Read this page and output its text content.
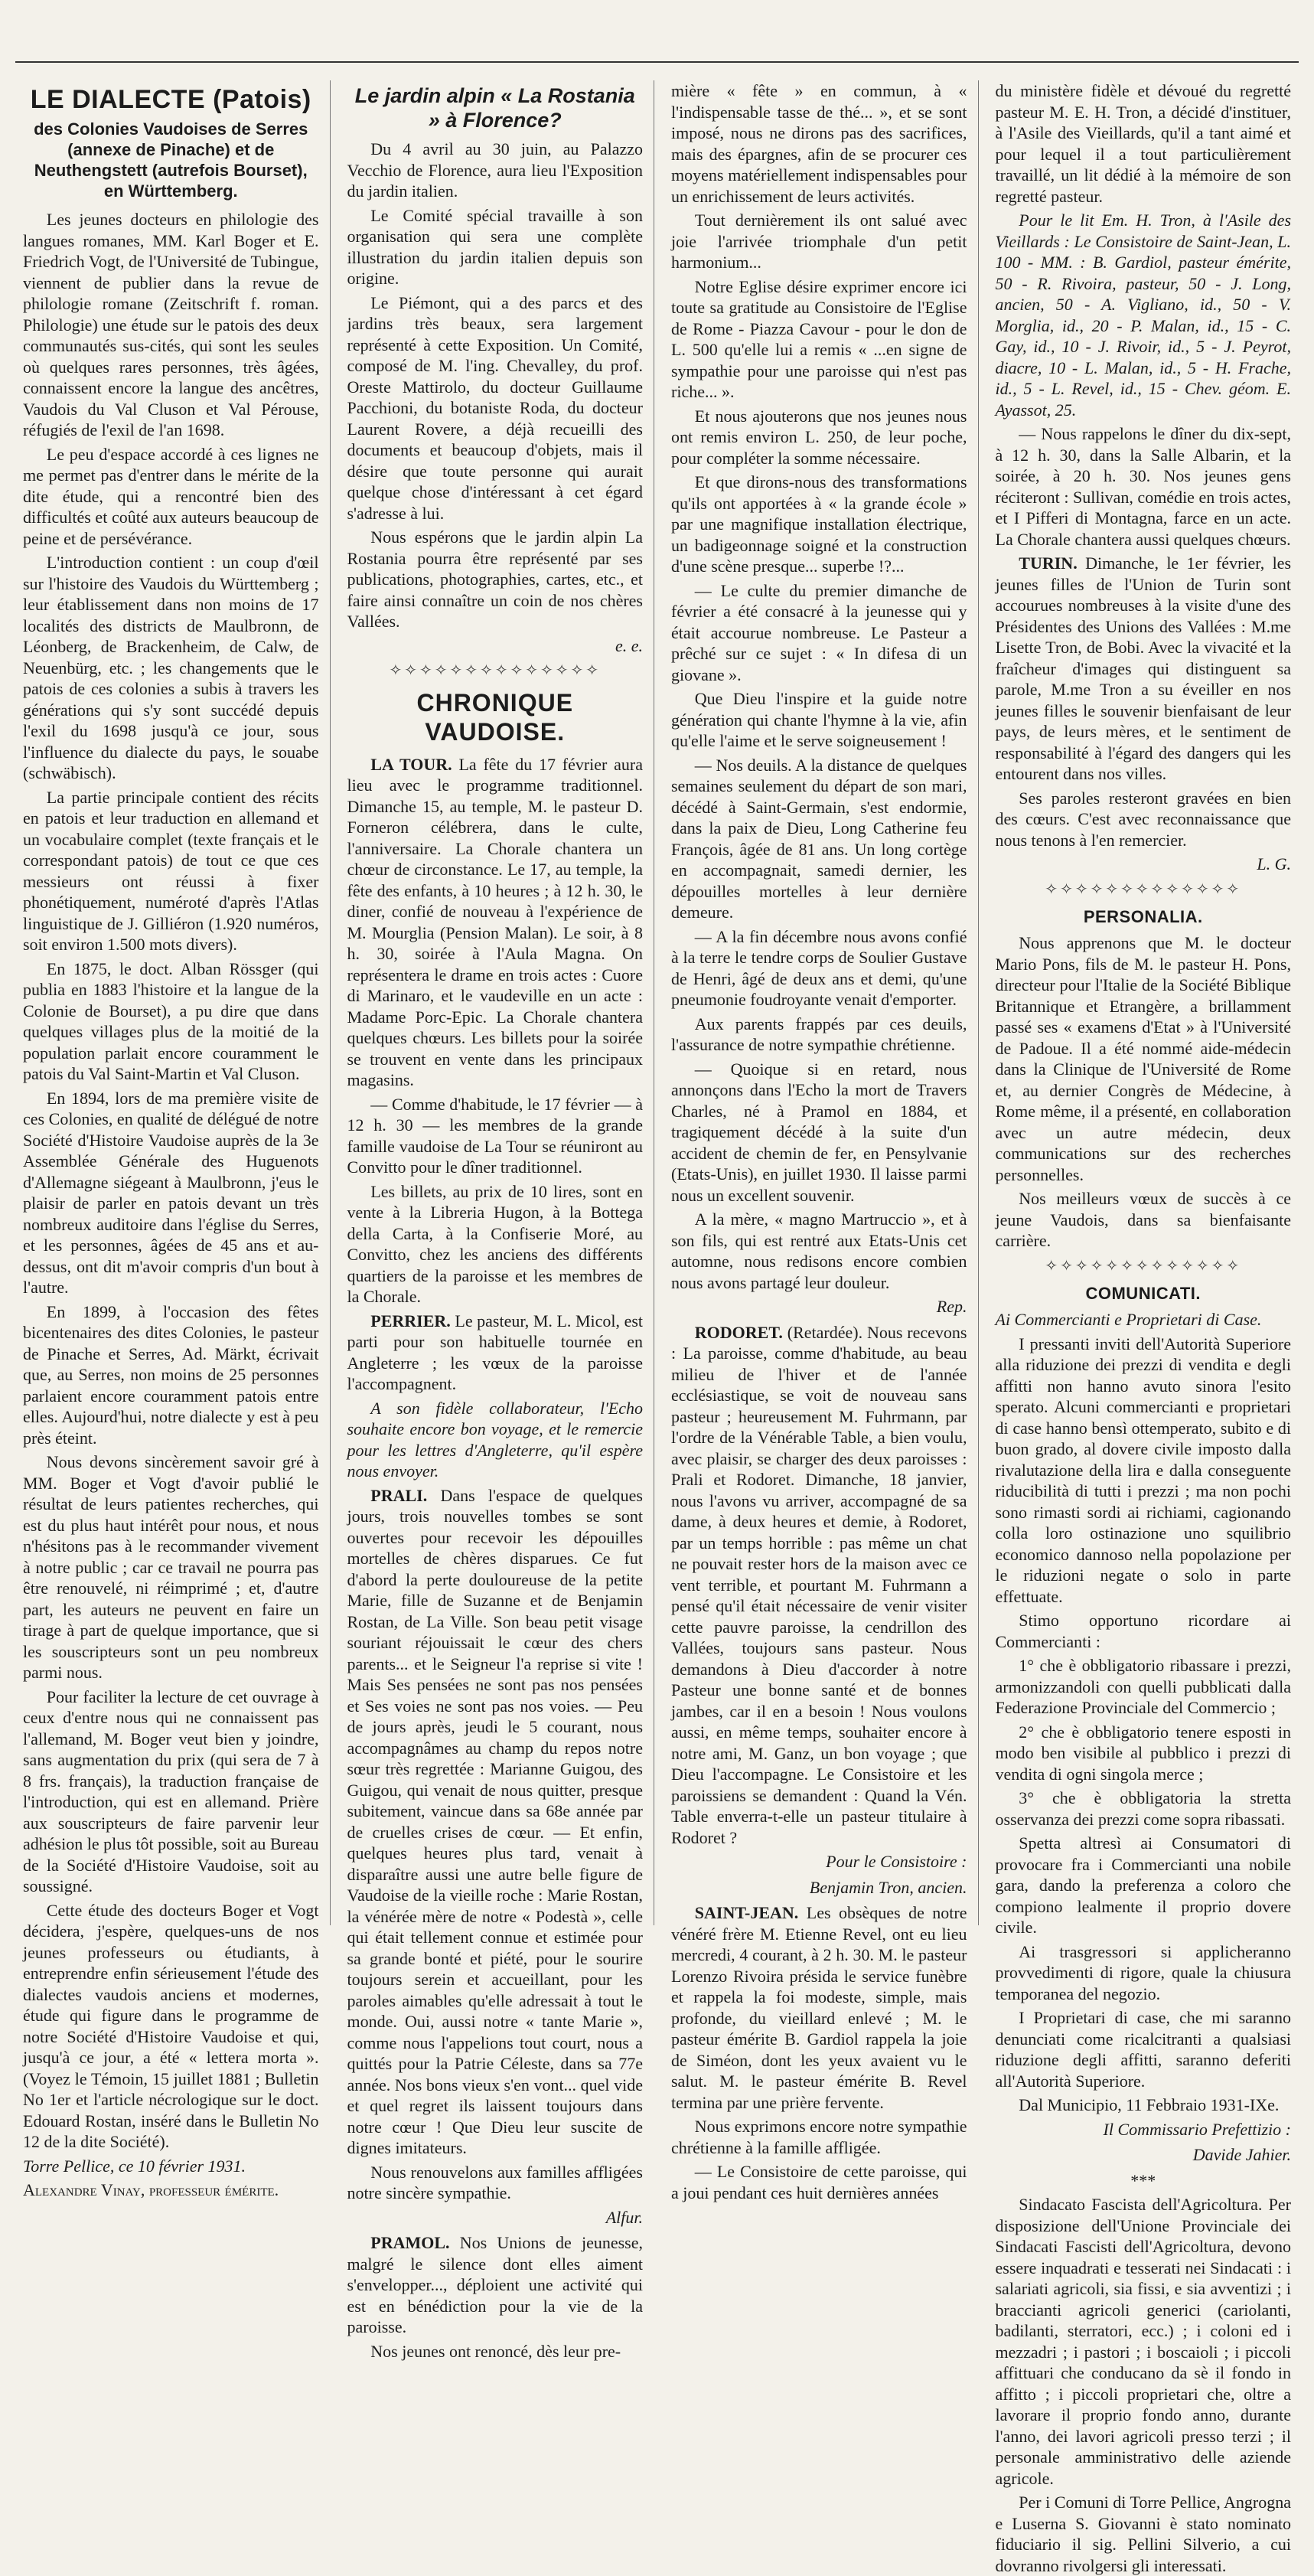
LE DIALECTE (Patois)
des Colonies Vaudoises de Serres (annexe de Pinache) et de Neuthengstett (autrefois Bourset), en Württemberg.

Les jeunes docteurs en philologie des langues romanes, MM. Karl Boger et E. Friedrich Vogt, de l'Université de Tubingue, viennent de publier dans la revue de philologie romane (Zeitschrift f. roman. Philologie) une étude sur le patois des deux communautés sus-cités, qui sont les seules où quelques rares personnes, très âgées, connaissent encore la langue des ancêtres, Vaudois du Val Cluson et Val Pérouse, réfugiés de l'exil de l'an 1698.

Le peu d'espace accordé à ces lignes ne me permet pas d'entrer dans le mérite de la dite étude, qui a rencontré bien des difficultés et coûté aux auteurs beaucoup de peine et de persévérance.

L'introduction contient : un coup d'œil sur l'histoire des Vaudois du Württemberg ; leur établissement dans non moins de 17 localités des districts de Maulbronn, de Léonberg, de Brackenheim, de Calw, de Neuenbürg, etc. ; les changements que le patois de ces colonies a subis à travers les générations qui s'y sont succédé depuis l'exil du 1698 jusqu'à ce jour, sous l'influence du dialecte du pays, le souabe (schwäbisch).

La partie principale contient des récits en patois et leur traduction en allemand et un vocabulaire complet (texte français et le correspondant patois) de tout ce que ces messieurs ont réussi à fixer phonétiquement, numéroté d'après l'Atlas linguistique de J. Gilliéron (1.920 numéros, soit environ 1.500 mots divers).

En 1875, le doct. Alban Rössger (qui publia en 1883 l'histoire et la langue de la Colonie de Bourset), a pu dire que dans quelques villages plus de la moitié de la population parlait encore couramment le patois du Val Saint-Martin et Val Cluson.

En 1894, lors de ma première visite de ces Colonies, en qualité de délégué de notre Société d'Histoire Vaudoise auprès de la 3e Assemblée Générale des Huguenots d'Allemagne siégeant à Maulbronn, j'eus le plaisir de parler en patois devant un très nombreux auditoire dans l'église du Serres, et les personnes, âgées de 45 ans et au-dessus, ont dit m'avoir compris d'un bout à l'autre.

En 1899, à l'occasion des fêtes bicentenaires des dites Colonies, le pasteur de Pinache et Serres, Ad. Märkt, écrivait que, au Serres, non moins de 25 personnes parlaient encore couramment patois entre elles. Aujourd'hui, notre dialecte y est à peu près éteint.

Nous devons sincèrement savoir gré à MM. Boger et Vogt d'avoir publié le résultat de leurs patientes recherches, qui est du plus haut intérêt pour nous, et nous n'hésitons pas à le recommander vivement à notre public ; car ce travail ne pourra pas être renouvelé, ni réimprimé ; et, d'autre part, les auteurs ne peuvent en faire un tirage à part de quelque importance, que si les souscripteurs sont un peu nombreux parmi nous.

Pour faciliter la lecture de cet ouvrage à ceux d'entre nous qui ne connaissent pas l'allemand, M. Boger veut bien y joindre, sans augmentation du prix (qui sera de 7 à 8 frs. français), la traduction française de l'introduction, qui est en allemand. Prière aux souscripteurs de faire parvenir leur adhésion le plus tôt possible, soit au Bureau de la Société d'Histoire Vaudoise, soit au soussigné.

Cette étude des docteurs Boger et Vogt décidera, j'espère, quelques-uns de nos jeunes professeurs ou étudiants, à entreprendre enfin sérieusement l'étude des dialectes vaudois anciens et modernes, étude qui figure dans le programme de notre Société d'Histoire Vaudoise et qui, jusqu'à ce jour, a été « lettera morta ». (Voyez le Témoin, 15 juillet 1881 ; Bulletin No 1er et l'article nécrologique sur le doct. Edouard Rostan, inséré dans le Bulletin No 12 de la dite Société).

Torre Pellice, ce 10 février 1931.

Alexandre Vinay, professeur émérite.

Le jardin alpin « La Rostania » à Florence?

Du 4 avril au 30 juin, au Palazzo Vecchio de Florence, aura lieu l'Exposition du jardin italien.

Le Comité spécial travaille à son organisation qui sera une complète illustration du jardin italien depuis son origine.

Le Piémont, qui a des parcs et des jardins très beaux, sera largement représenté à cette Exposition. Un Comité, composé de M. l'ing. Chevalley, du prof. Oreste Mattirolo, du docteur Guillaume Pacchioni, du botaniste Roda, du docteur Laurent Rovere, a déjà recueilli des documents et beaucoup d'objets, mais il désire que toute personne qui aurait quelque chose d'intéressant à cet égard s'adresse à lui.

Nous espérons que le jardin alpin La Rostania pourra être représenté par ses publications, photographies, cartes, etc., et faire ainsi connaître un coin de nos chères Vallées.

e. e.

✧✧✧✧✧✧✧✧✧✧✧✧✧✧
CHRONIQUE VAUDOISE.

LA TOUR. La fête du 17 février aura lieu avec le programme traditionnel. Dimanche 15, au temple, M. le pasteur D. Forneron célébrera, dans le culte, l'anniversaire. La Chorale chantera un chœur de circonstance. Le 17, au temple, la fête des enfants, à 10 heures ; à 12 h. 30, le diner, confié de nouveau à l'expérience de M. Mourglia (Pension Malan). Le soir, à 8 h. 30, soirée à l'Aula Magna. On représentera le drame en trois actes : Cuore di Marinaro, et le vaudeville en un acte : Madame Porc-Epic. La Chorale chantera quelques chœurs. Les billets pour la soirée se trouvent en vente dans les principaux magasins.

— Comme d'habitude, le 17 février — à 12 h. 30 — les membres de la grande famille vaudoise de La Tour se réuniront au Convitto pour le dîner traditionnel.

Les billets, au prix de 10 lires, sont en vente à la Libreria Hugon, à la Bottega della Carta, à la Confiserie Moré, au Convitto, chez les anciens des différents quartiers de la paroisse et les membres de la Chorale.

PERRIER. Le pasteur, M. L. Micol, est parti pour son habituelle tournée en Angleterre ; les vœux de la paroisse l'accompagnent.

A son fidèle collaborateur, l'Echo souhaite encore bon voyage, et le remercie pour les lettres d'Angleterre, qu'il espère nous envoyer.

PRALI. Dans l'espace de quelques jours, trois nouvelles tombes se sont ouvertes pour recevoir les dépouilles mortelles de chères disparues. Ce fut d'abord la perte douloureuse de la petite Marie, fille de Suzanne et de Benjamin Rostan, de La Ville. Son beau petit visage souriant réjouissait le cœur des chers parents... et le Seigneur l'a reprise si vite ! Mais Ses pensées ne sont pas nos pensées et Ses voies ne sont pas nos voies. — Peu de jours après, jeudi le 5 courant, nous accompagnâmes au champ du repos notre sœur très regrettée : Marianne Guigou, des Guigou, qui venait de nous quitter, presque subitement, vaincue dans sa 68e année par de cruelles crises de cœur. — Et enfin, quelques heures plus tard, venait à disparaître aussi une autre belle figure de Vaudoise de la vieille roche : Marie Rostan, la vénérée mère de notre « Podestà », celle qui était tellement connue et estimée pour sa grande bonté et piété, pour le sourire toujours serein et accueillant, pour les paroles aimables qu'elle adressait à tout le monde. Oui, aussi notre « tante Marie », comme nous l'appelions tout court, nous a quittés pour la Patrie Céleste, dans sa 77e année. Nos bons vieux s'en vont... quel vide et quel regret ils laissent toujours dans notre cœur ! Que Dieu leur suscite de dignes imitateurs.

Nous renouvelons aux familles affligées notre sincère sympathie.

Alfur.

PRAMOL. Nos Unions de jeunesse, malgré le silence dont elles aiment s'envelopper..., déploient une activité qui est en bénédiction pour la vie de la paroisse.

Nos jeunes ont renoncé, dès leur pre-

mière « fête » en commun, à « l'indispensable tasse de thé... », et se sont imposé, nous ne dirons pas des sacrifices, mais des épargnes, afin de se procurer ces moyens matériellement indispensables pour un enrichissement de leurs activités.

Tout dernièrement ils ont salué avec joie l'arrivée triomphale d'un petit harmonium...

Notre Eglise désire exprimer encore ici toute sa gratitude au Consistoire de l'Eglise de Rome - Piazza Cavour - pour le don de L. 500 qu'elle lui a remis « ...en signe de sympathie pour une paroisse qui n'est pas riche... ».

Et nous ajouterons que nos jeunes nous ont remis environ L. 250, de leur poche, pour compléter la somme nécessaire.

Et que dirons-nous des transformations qu'ils ont apportées à « la grande école » par une magnifique installation électrique, un badigeonnage soigné et la construction d'une scène presque... superbe !?...

— Le culte du premier dimanche de février a été consacré à la jeunesse qui y était accourue nombreuse. Le Pasteur a prêché sur ce sujet : « In difesa di un giovane ».

Que Dieu l'inspire et la guide notre génération qui chante l'hymne à la vie, afin qu'elle l'aime et le serve soigneusement !

— Nos deuils. A la distance de quelques semaines seulement du départ de son mari, décédé à Saint-Germain, s'est endormie, dans la paix de Dieu, Long Catherine feu François, âgée de 81 ans. Un long cortège en accompagnait, samedi dernier, les dépouilles mortelles à leur dernière demeure.

— A la fin décembre nous avons confié à la terre le tendre corps de Soulier Gustave de Henri, âgé de deux ans et demi, qu'une pneumonie foudroyante venait d'emporter.

Aux parents frappés par ces deuils, l'assurance de notre sympathie chrétienne.

— Quoique si en retard, nous annonçons dans l'Echo la mort de Travers Charles, né à Pramol en 1884, et tragiquement décédé à la suite d'un accident de chemin de fer, en Pensylvanie (Etats-Unis), en juillet 1930. Il laisse parmi nous un excellent souvenir.

A la mère, « magno Martruccio », et à son fils, qui est rentré aux Etats-Unis cet automne, nous redisons encore combien nous avons partagé leur douleur.

Rep.

RODORET. (Retardée). Nous recevons : La paroisse, comme d'habitude, au beau milieu de l'hiver et de l'année ecclésiastique, se voit de nouveau sans pasteur ; heureusement M. Fuhrmann, par l'ordre de la Vénérable Table, a bien voulu, avec plaisir, se charger des deux paroisses : Prali et Rodoret. Dimanche, 18 janvier, nous l'avons vu arriver, accompagné de sa dame, à deux heures et demie, à Rodoret, par un temps horrible : pas même un chat ne pouvait rester hors de la maison avec ce vent terrible, et pourtant M. Fuhrmann a pensé qu'il était nécessaire de venir visiter cette pauvre paroisse, la cendrillon des Vallées, toujours sans pasteur. Nous demandons à Dieu d'accorder à notre Pasteur une bonne santé et de bonnes jambes, car il en a besoin ! Nous voulons aussi, en même temps, souhaiter encore à notre ami, M. Ganz, un bon voyage ; que Dieu l'accompagne. Le Consistoire et les paroissiens se demandent : Quand la Vén. Table enverra-t-elle un pasteur titulaire à Rodoret ?

Pour le Consistoire :

Benjamin Tron, ancien.

SAINT-JEAN. Les obsèques de notre vénéré frère M. Etienne Revel, ont eu lieu mercredi, 4 courant, à 2 h. 30. M. le pasteur Lorenzo Rivoira présida le service funèbre et rappela la foi modeste, simple, mais profonde, du vieillard enlevé ; M. le pasteur émérite B. Gardiol rappela la joie de Siméon, dont les yeux avaient vu le salut. M. le pasteur émérite B. Revel termina par une prière fervente.

Nous exprimons encore notre sympathie chrétienne à la famille affligée.

— Le Consistoire de cette paroisse, qui a joui pendant ces huit dernières années

du ministère fidèle et dévoué du regretté pasteur M. E. H. Tron, a décidé d'instituer, à l'Asile des Vieillards, qu'il a tant aimé et pour lequel il a tout particulièrement travaillé, un lit dédié à la mémoire de son regretté pasteur.

Pour le lit Em. H. Tron, à l'Asile des Vieillards : Le Consistoire de Saint-Jean, L. 100 - MM. : B. Gardiol, pasteur émérite, 50 - R. Rivoira, pasteur, 50 - J. Long, ancien, 50 - A. Vigliano, id., 50 - V. Morglia, id., 20 - P. Malan, id., 15 - C. Gay, id., 10 - J. Rivoir, id., 5 - J. Peyrot, diacre, 10 - L. Malan, id., 5 - H. Frache, id., 5 - L. Revel, id., 15 - Chev. géom. E. Ayassot, 25.

— Nous rappelons le dîner du dix-sept, à 12 h. 30, dans la Salle Albarin, et la soirée, à 20 h. 30. Nos jeunes gens réciteront : Sullivan, comédie en trois actes, et I Pifferi di Montagna, farce en un acte. La Chorale chantera aussi quelques chœurs.

TURIN. Dimanche, le 1er février, les jeunes filles de l'Union de Turin sont accourues nombreuses à la visite d'une des Présidentes des Unions des Vallées : M.me Lisette Tron, de Bobi. Avec la vivacité et la fraîcheur d'images qui distinguent sa parole, M.me Tron a su éveiller en nos jeunes filles le souvenir bienfaisant de leur pays, de leurs mères, et le sentiment de responsabilité à l'égard des dangers qui les entourent dans nos villes.

Ses paroles resteront gravées en bien des cœurs. C'est avec reconnaissance que nous tenons à l'en remercier.

L. G.

✧✧✧✧✧✧✧✧✧✧✧✧✧
PERSONALIA.

Nous apprenons que M. le docteur Mario Pons, fils de M. le pasteur H. Pons, directeur pour l'Italie de la Société Biblique Britannique et Etrangère, a brillamment passé ses « examens d'Etat » à l'Université de Padoue. Il a été nommé aide-médecin dans la Clinique de l'Université de Rome et, au dernier Congrès de Médecine, à Rome même, il a présenté, en collaboration avec un autre médecin, deux communications sur des recherches personnelles.

Nos meilleurs vœux de succès à ce jeune Vaudois, dans sa bienfaisante carrière.

✧✧✧✧✧✧✧✧✧✧✧✧✧
COMUNICATI.

Ai Commercianti e Proprietari di Case.

I pressanti inviti dell'Autorità Superiore alla riduzione dei prezzi di vendita e degli affitti non hanno avuto sinora l'esito sperato. Alcuni commercianti e proprietari di case hanno bensì ottemperato, subito e di buon grado, al dovere civile imposto dalla rivalutazione della lira e dalla conseguente riducibilità di tutti i prezzi ; ma non pochi sono rimasti sordi ai richiami, cagionando colla loro ostinazione uno squilibrio economico dannoso nella popolazione per le riduzioni negate o solo in parte effettuate.

Stimo opportuno ricordare ai Commercianti :

1° che è obbligatorio ribassare i prezzi, armonizzandoli con quelli pubblicati dalla Federazione Provinciale del Commercio ;

2° che è obbligatorio tenere esposti in modo ben visibile al pubblico i prezzi di vendita di ogni singola merce ;

3° che è obbligatoria la stretta osservanza dei prezzi come sopra ribassati.

Spetta altresì ai Consumatori di provocare fra i Commercianti una nobile gara, dando la preferenza a coloro che compiono lealmente il proprio dovere civile.

Ai trasgressori si applicheranno provvedimenti di rigore, quale la chiusura temporanea del negozio.

I Proprietari di case, che mi saranno denunciati come ricalcitranti a qualsiasi riduzione degli affitti, saranno deferiti all'Autorità Superiore.

Dal Municipio, 11 Febbraio 1931-IXe.

Il Commissario Prefettizio :

Davide Jahier.

***

Sindacato Fascista dell'Agricoltura. Per disposizione dell'Unione Provinciale dei Sindacati Fascisti dell'Agricoltura, devono essere inquadrati e tesserati nei Sindacati : i salariati agricoli, sia fissi, e sia avventizi ; i braccianti agricoli generici (cariolanti, badilanti, sterratori, ecc.) ; i coloni ed i mezzadri ; i pastori ; i boscaioli ; i piccoli affittuari che conducano da sè il fondo in affitto ; i piccoli proprietari che, oltre a lavorare il proprio fondo anno, durante l'anno, dei lavori agricoli presso terzi ; il personale amministrativo delle aziende agricole.

Per i Comuni di Torre Pellice, Angrogna e Luserna S. Giovanni è stato nominato fiduciario il sig. Pellini Silverio, a cui dovranno rivolgersi gli interessati.
